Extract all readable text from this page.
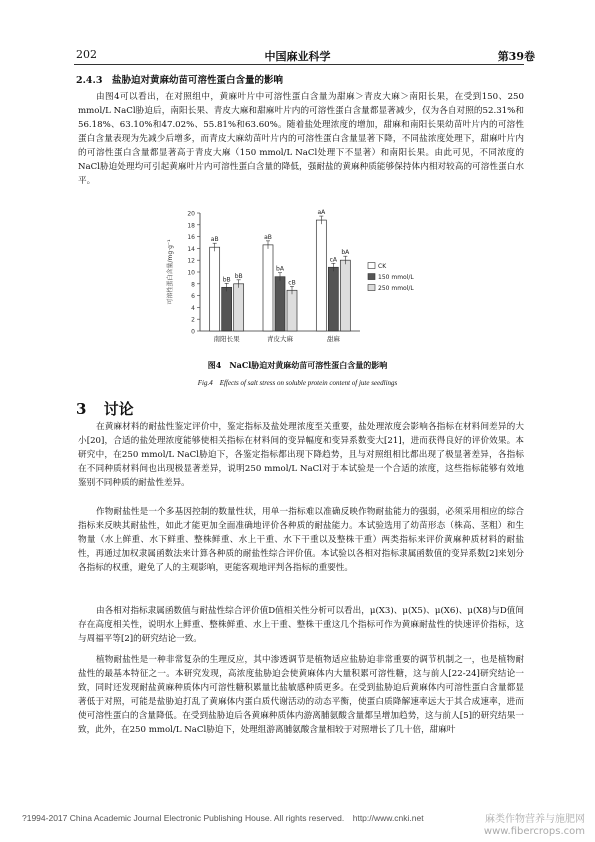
202	中国麻业科学	第39卷
2.4.3　盐胁迫对黄麻幼苗可溶性蛋白含量的影响
由图4可以看出，在对照组中，黄麻叶片中可溶性蛋白含量为甜麻＞青皮大麻＞南阳长果，在受到150、250 mmol/L NaCl胁迫后，南阳长果、青皮大麻和甜麻叶片内的可溶性蛋白含量都显著减少，仅为各自对照的52.31%和56.18%、63.10%和47.02%、55.81%和63.60%。随着盐处理浓度的增加，甜麻和南阳长果幼苗叶片内的可溶性蛋白含量表现为先减少后增多，而青皮大麻幼苗叶片内的可溶性蛋白含量显著下降，不同盐浓度处理下，甜麻叶片内的可溶性蛋白含量都显著高于青皮大麻（150 mmol/L NaCl处理下不显著）和南阳长果。由此可见，不同浓度的NaCl胁迫处理均可引起黄麻叶片内可溶性蛋白含量的降低，强耐盐的黄麻种质能够保持体内相对较高的可溶性蛋白水平。
0
2
4
6
8
10
12
14
16
18
20
可溶性蛋白含量/mg·g⁻¹	aB
bB
bB
南阳长果
aB
bA
cB
青皮大麻
aA
cA
bA
甜麻
CK
150 mmol/L
250 mmol/L
图4　NaCl胁迫对黄麻幼苗可溶性蛋白含量的影响
Fig.4　Effects of salt stress on soluble protein content of jute seedlings
3 讨论
在黄麻材料的耐盐性鉴定评价中，鉴定指标及盐处理浓度至关重要，盐处理浓度会影响各指标在材料间差异的大小[20]，合适的盐处理浓度能够使相关指标在材料间的变异幅度和变异系数变大[21]，进而获得良好的评价效果。本研究中，在250 mmol/L NaCl胁迫下，各鉴定指标都出现下降趋势，且与对照组相比都出现了极显著差异，各指标在不同种质材料间也出现极显著差异，说明250 mmol/L NaCl对于本试验是一个合适的浓度，这些指标能够有效地鉴别不同种质的耐盐性差异。
作物耐盐性是一个多基因控制的数量性状，用单一指标难以准确反映作物耐盐能力的强弱，必须采用相应的综合指标来反映其耐盐性，如此才能更加全面准确地评价各种质的耐盐能力。本试验选用了幼苗形态（株高、茎粗）和生物量（水上鲜重、水下鲜重、整株鲜重、水上干重、水下干重以及整株干重）两类指标来评价黄麻种质材料的耐盐性，再通过加权隶属函数法来计算各种质的耐盐性综合评价值。本试验以各相对指标隶属函数值的变异系数[2]来划分各指标的权重，避免了人的主观影响，更能客观地评判各指标的重要性。
由各相对指标隶属函数值与耐盐性综合评价值D值相关性分析可以看出，μ(X3)、μ(X5)、μ(X6)、μ(X8)与D值间存在高度相关性，说明水上鲜重、整株鲜重、水上干重、整株干重这几个指标可作为黄麻耐盐性的快速评价指标，这与周福平等[2]的研究结论一致。
植物耐盐性是一种非常复杂的生理反应，其中渗透调节是植物适应盐胁迫非常重要的调节机制之一，也是植物耐盐性的最基本特征之一。本研究发现，高浓度盐胁迫会使黄麻体内大量积累可溶性糖，这与前人[22-24]研究结论一致，同时还发现耐盐黄麻种质体内可溶性糖积累量比盐敏感种质更多。在受到盐胁迫后黄麻体内可溶性蛋白含量都显著低于对照，可能是盐胁迫打乱了黄麻体内蛋白质代谢活动的动态平衡，使蛋白质降解速率远大于其合成速率，进而使可溶性蛋白的含量降低。在受到盐胁迫后各黄麻种质体内游离脯氨酸含量都呈增加趋势，这与前人[5]的研究结果一致，此外，在250 mmol/L NaCl胁迫下，处理组游离脯氨酸含量相较于对照增长了几十倍，甜麻叶
?1994-2017 China Academic Journal Electronic Publishing House. All rights reserved.　http://www.cnki.net	麻类作物营养与施肥网
www.fibercrops.com
